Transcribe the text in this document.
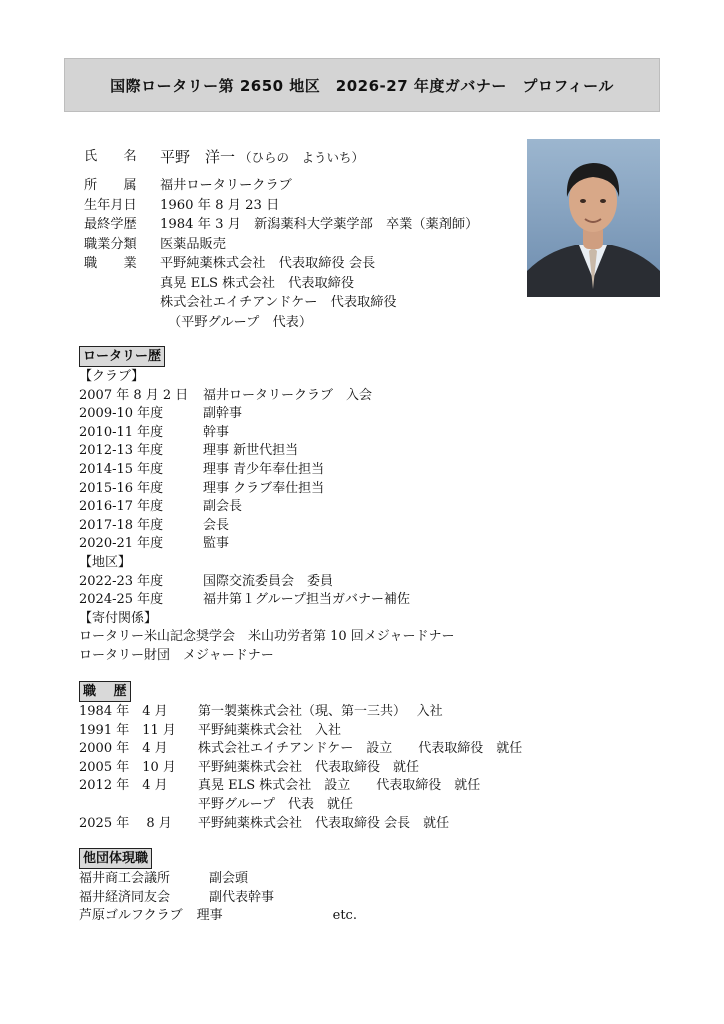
国際ロータリー第 2650 地区　2026-27 年度ガバナー　プロフィール
氏　　名	平野　洋一 （ひらの　よういち）
所　　属	福井ロータリークラブ
生年月日	1960 年 8 月 23 日
最終学歴	1984 年 3 月　新潟薬科大学薬学部　卒業（薬剤師）
職業分類	医薬品販売
職　　業	平野純薬株式会社　代表取締役 会長
真晃 ELS 株式会社　代表取締役
株式会社エイチアンドケー　代表取締役
（平野グループ　代表）
ロータリー歴
【クラブ】
2007 年 8 月 2 日	福井ロータリークラブ　入会
2009-10 年度	副幹事
2010-11 年度	幹事
2012-13 年度	理事 新世代担当
2014-15 年度	理事 青少年奉仕担当
2015-16 年度	理事 クラブ奉仕担当
2016-17 年度	副会長
2017-18 年度	会長
2020-21 年度	監事
【地区】
2022-23 年度	国際交流委員会　委員
2024-25 年度	福井第１グループ担当ガバナー補佐
【寄付関係】
ロータリー米山記念奨学会　米山功労者第 10 回メジャードナー
ロータリー財団　メジャードナー
職　 歴
1984 年　4 月	第一製薬株式会社（現、第一三共）　 入社
1991 年　11 月	平野純薬株式会社　入社
2000 年　4 月	株式会社エイチアンドケー　設立　　代表取締役　就任
2005 年　10 月	平野純薬株式会社　代表取締役　就任
2012 年　4 月	真晃 ELS 株式会社　設立　　代表取締役　就任
平野グループ　代表　就任
2025 年　 8 月	平野純薬株式会社　代表取締役 会長　就任
他団体現職
福井商工会議所	副会頭
福井経済同友会	副代表幹事
芦原ゴルフクラブ 理事	etc.
